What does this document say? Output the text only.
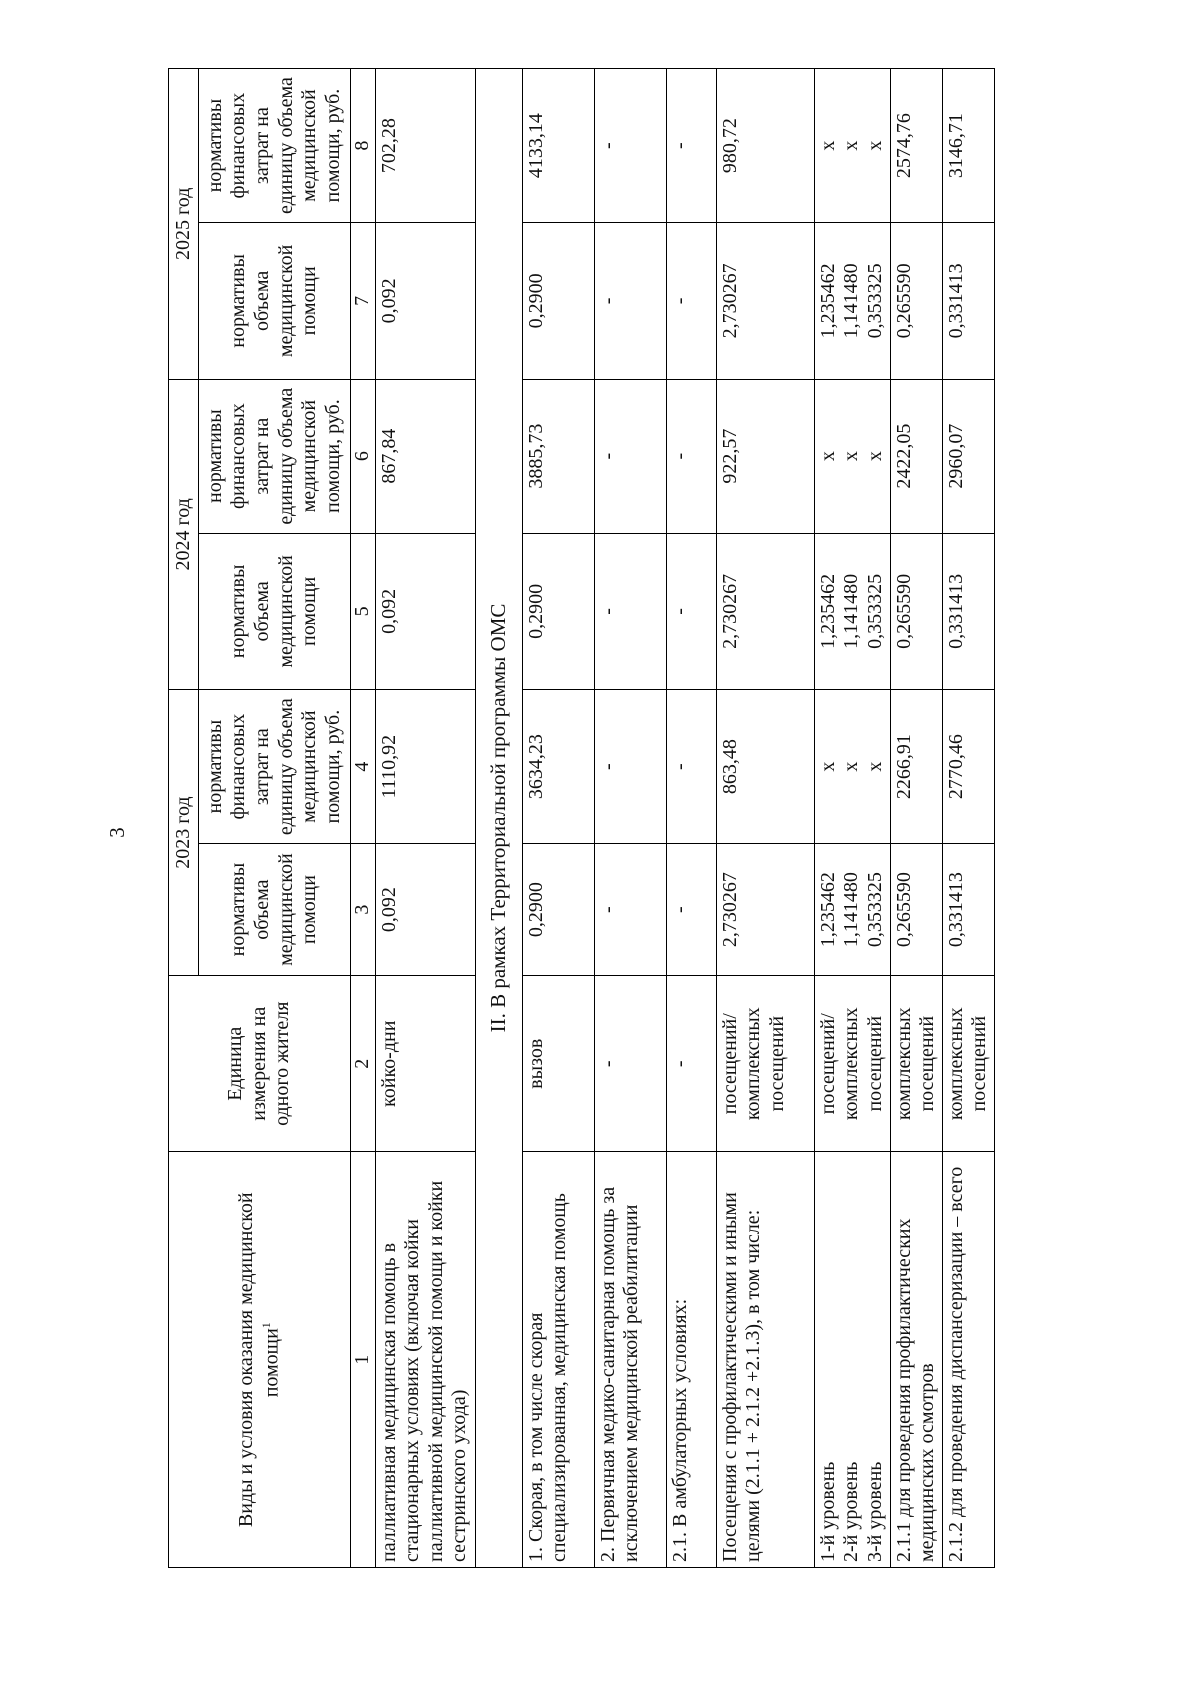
3
Виды и условия оказания медицинской помощи$^1$	Единица измерения на одного жителя	2023 год		2024 год		2025 год	
		нормативы объема медицинской помощи	нормативы финансовых затрат на единицу объема медицинской помощи, руб.	нормативы объема медицинской помощи	нормативы финансовых затрат на единицу объема медицинской помощи, руб.	нормативы объема медицинской помощи	нормативы финансовых затрат на единицу объема медицинской помощи, руб.
1	2	3	4	5	6	7	8
паллиативная медицинская помощь в стационарных условиях (включая койки паллиативной медицинской помощи и койки сестринского ухода)	койко-дни	0,092	1110,92	0,092	867,84	0,092	702,28
II. В рамках Территориальной программы ОМС							
1. Скорая, в том числе скорая специализированная, медицинская помощь	вызов	0,2900	3634,23	0,2900	3885,73	0,2900	4133,14
2. Первичная медико-санитарная помощь за исключением медицинской реабилитации	-	-	-	-	-	-	-
2.1. В амбулаторных условиях:	-	-	-	-	-	-	-
Посещения с профилактическими и иными целями (2.1.1 + 2.1.2 +2.1.3), в том числе:	посещений/ комплексных посещений	2,730267	863,48	2,730267	922,57	2,730267	980,72

1-й уровень 2-й уровень 3-й уровень	посещений/ комплексных посещений	1,235462 1,141480 0,353325	х х х	1,235462 1,141480 0,353325	х х х	1,235462 1,141480 0,353325	х х х

2.1.1 для проведения профилактических медицинских осмотров	комплексных посещений	0,265590	2266,91	0,265590	2422,05	0,265590	2574,76
2.1.2 для проведения диспансеризации – всего	комплексных посещений	0,331413	2770,46	0,331413	2960,07	0,331413	3146,71
